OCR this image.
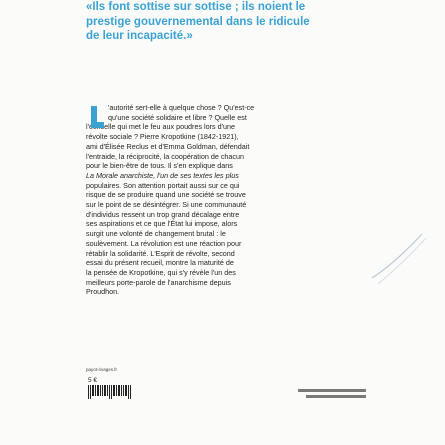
«Ils font sottise sur sottise ; ils noient le
prestige gouvernemental dans le ridicule
de leur incapacité.»

'autorité sert-elle à quelque chose ? Qu'est-ce
qu'une société solidaire et libre ? Quelle est
l'étincelle qui met le feu aux poudres lors d'une
révolte sociale ? Pierre Kropotkine (1842-1921),
ami d'Élisée Reclus et d'Emma Goldman, défendait
l'entraide, la réciprocité, la coopération de chacun
pour le bien-être de tous. Il s'en explique dans
La Morale anarchiste, l'un de ses textes les plus
populaires. Son attention portait aussi sur ce qui
risque de se produire quand une société se trouve
sur le point de se désintégrer. Si une communauté
d'individus ressent un trop grand décalage entre
ses aspirations et ce que l'État lui impose, alors
surgit une volonté de changement brutal : le
soulèvement. La révolution est une réaction pour
rétablir la solidarité. L'Esprit de révolte, second
essai du présent recueil, montre la maturité de
la pensée de Kropotkine, qui s'y révèle l'un des
meilleurs porte-parole de l'anarchisme depuis
Proudhon.

payot-rivages.fr
5 €
